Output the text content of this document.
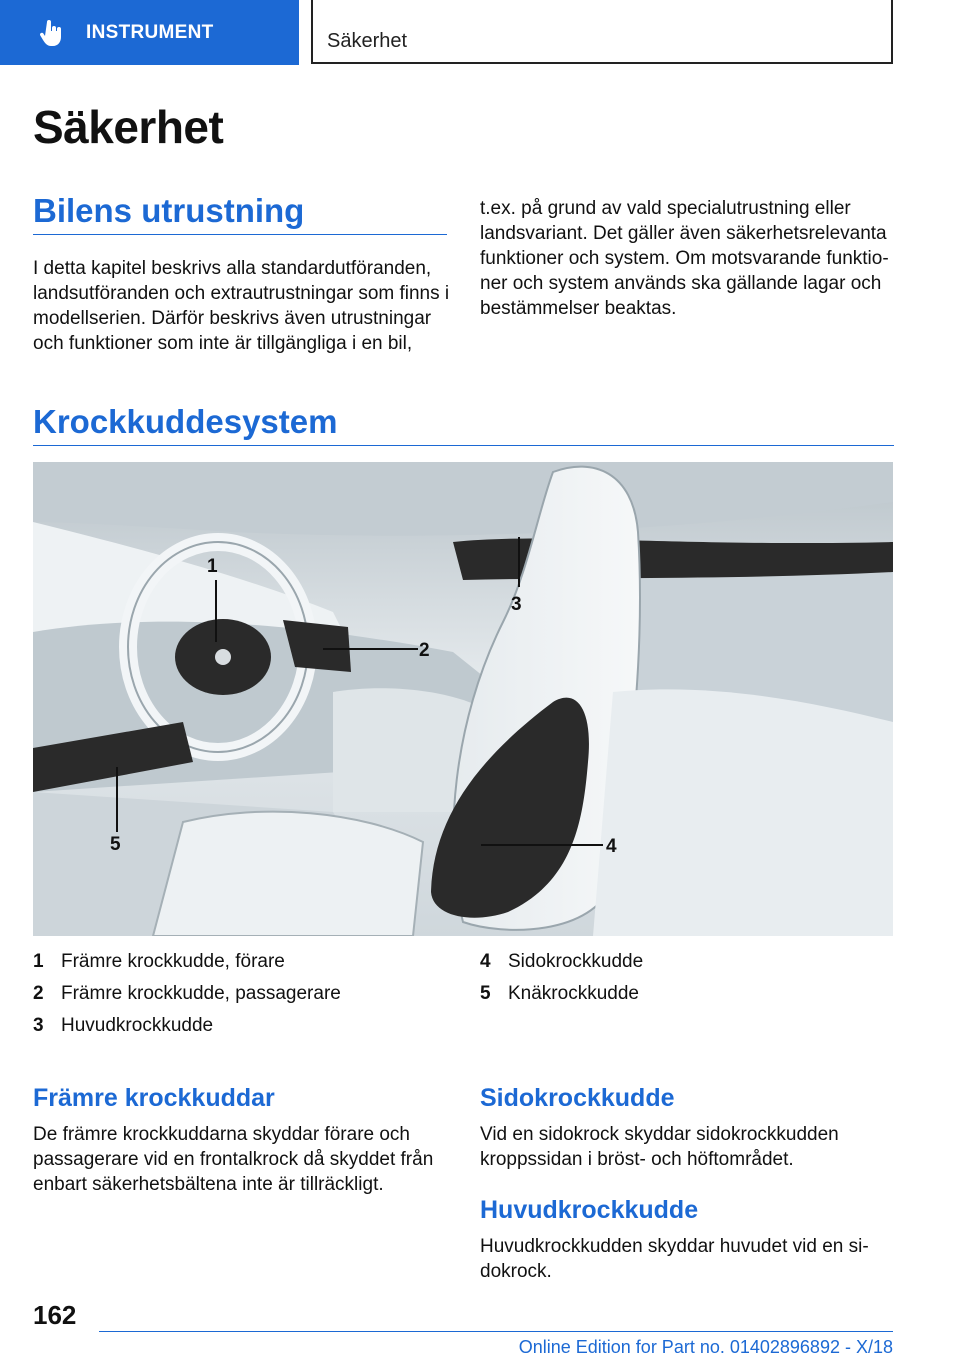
INSTRUMENT	Säkerhet
Säkerhet
Bilens utrustning

I detta kapitel beskrivs alla standardutföranden, landsutföranden och extrautrustningar som finns i modellserien. Därför beskrivs även utrustningar och funktioner som inte är tillgängliga i en bil,

t.ex. på grund av vald specialutrustning eller landsvariant. Det gäller även säkerhetsrelevanta funktioner och system. Om motsvarande funktioner och system används ska gällande lagar och bestämmelser beaktas.

Krockkuddesystem
1
2
3
4
5
1 Främre krockkudde, förare
2 Främre krockkudde, passagerare
3 Huvudkrockkudde
4 Sidokrockkudde
5 Knäkrockkudde
Främre krockkuddar

De främre krockkuddarna skyddar förare och passagerare vid en frontalkrock då skyddet från enbart säkerhetsbältena inte är tillräckligt.

Sidokrockkudde

Vid en sidokrock skyddar sidokrockkudden kroppssidan i bröst- och höftområdet.

Huvudkrockkudde

Huvudkrockkudden skyddar huvudet vid en sidokrock.

162
Online Edition for Part no. 01402896892 - X/18
